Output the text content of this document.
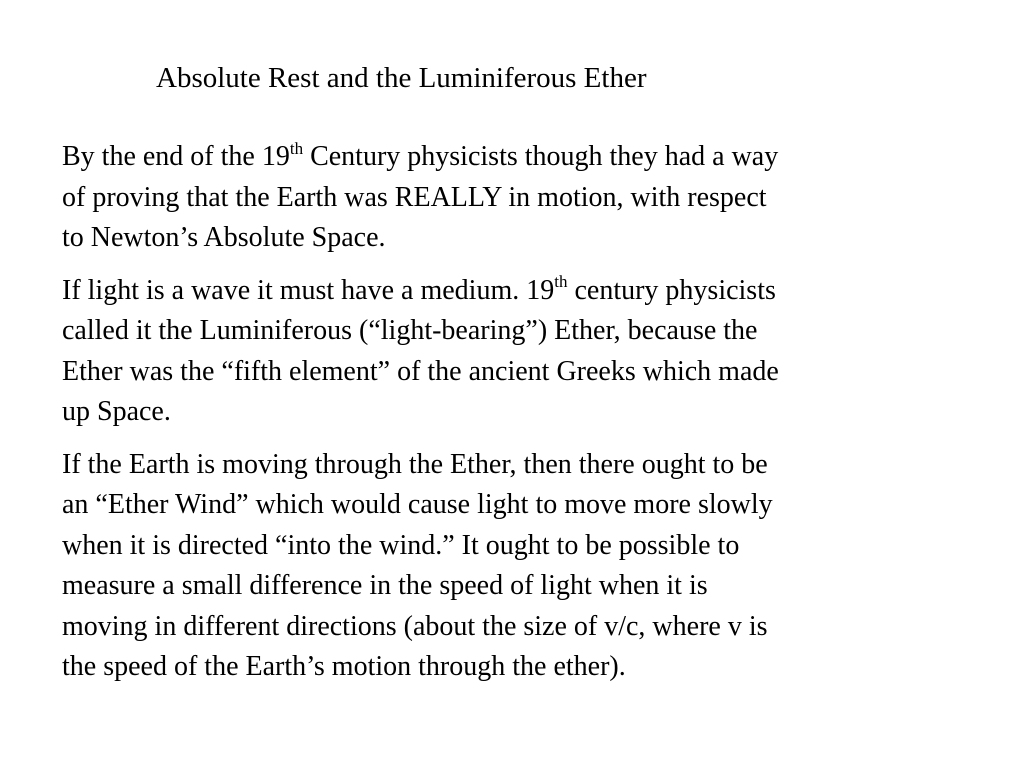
Absolute Rest and the Luminiferous Ether

By the end of the 19th Century physicists though they had a way
of proving that the Earth was REALLY in motion, with respect
to Newton’s Absolute Space.

If light is a wave it must have a medium. 19th century physicists
called it the Luminiferous (“light-bearing”) Ether, because the
Ether was the “fifth element” of the ancient Greeks which made
up Space.

If the Earth is moving through the Ether, then there ought to be
an “Ether Wind” which would cause light to move more slowly
when it is directed “into the wind.” It ought to be possible to
measure a small difference in the speed of light when it is
moving in different directions (about the size of v/c, where v is
the speed of the Earth’s motion through the ether).
